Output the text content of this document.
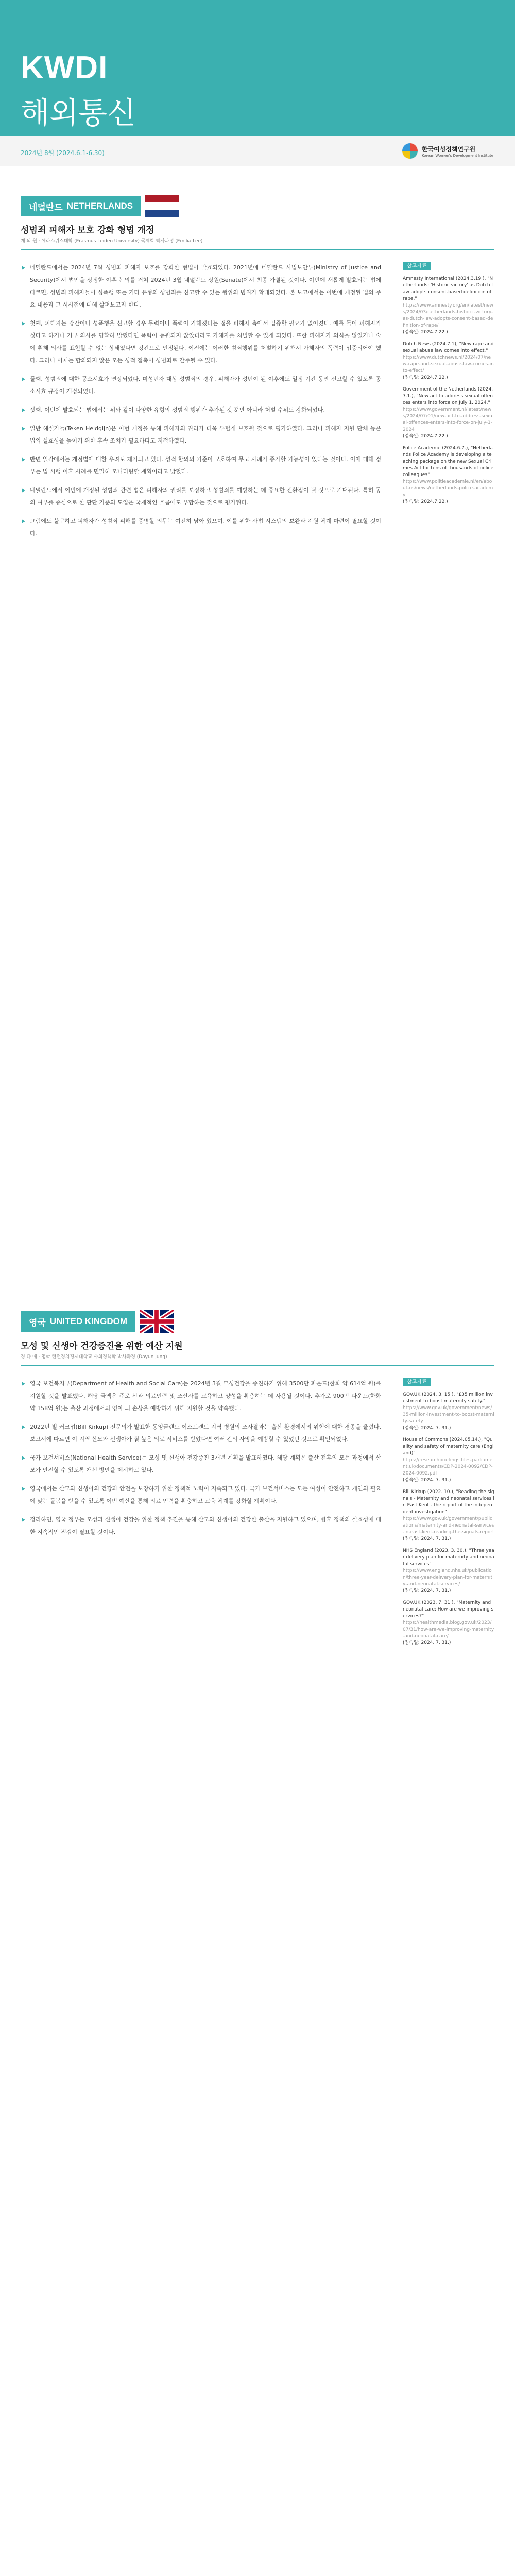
KWDI
해외통신
2024년 8월 (2024.6.1-6.30)
한국여성정책연구원
Korean Women's Development Institute
네덜란드 NETHERLANDS
성범죄 피해자 보호 강화 형법 개정
재 외 원 · 에라스뮈스대학 (Erasmus Leiden University) 국제학 박사과정 (Emilia Lee)

네덜란드에서는 2024년 7월 성범죄 피해자 보호를 강화한 형법이 발효되었다. 2021년에 네덜란드 사법보안부(Ministry of Justice and Security)에서 법안을 상정한 이후 논의를 거쳐 2024년 3월 네덜란드 상원(Senate)에서 최종 가결된 것이다. 이번에 새롭게 발효되는 법에 따르면, 성범죄 피해자들이 성폭행 또는 기타 유형의 성범죄를 신고할 수 있는 행위의 범위가 확대되었다. 본 보고에서는 이번에 개정된 법의 주요 내용과 그 시사점에 대해 살펴보고자 한다.

첫째, 피해자는 강간이나 성폭행을 신고할 경우 무력이나 폭력이 가해졌다는 점을 피해자 측에서 입증할 필요가 없어졌다. 예를 들어 피해자가 싫다고 하거나 거부 의사를 명확히 밝혔다면 폭력이 동원되지 않았더라도 가해자를 처벌할 수 있게 되었다. 또한 피해자가 의식을 잃었거나 술에 취해 의사를 표현할 수 없는 상태였다면 강간으로 인정된다. 이전에는 이러한 범죄행위를 처벌하기 위해서 가해자의 폭력이 입증되어야 했다. 그러나 이제는 합의되지 않은 모든 성적 접촉이 성범죄로 간주될 수 있다.

둘째, 성범죄에 대한 공소시효가 연장되었다. 미성년자 대상 성범죄의 경우, 피해자가 성년이 된 이후에도 일정 기간 동안 신고할 수 있도록 공소시효 규정이 개정되었다.

셋째, 이번에 발효되는 법에서는 위와 같이 다양한 유형의 성범죄 행위가 추가된 것 뿐만 아니라 처벌 수위도 강화되었다.

일반 해설가들(Teken Heldgijn)은 이번 개정을 통해 피해자의 권리가 더욱 두텁게 보호될 것으로 평가하였다. 그러나 피해자 지원 단체 등은 법의 실효성을 높이기 위한 후속 조치가 필요하다고 지적하였다.

반면 일각에서는 개정법에 대한 우려도 제기되고 있다. 성적 합의의 기준이 모호하여 무고 사례가 증가할 가능성이 있다는 것이다. 이에 대해 정부는 법 시행 이후 사례를 면밀히 모니터링할 계획이라고 밝혔다.

네덜란드에서 이번에 개정된 성범죄 관련 법은 피해자의 권리를 보장하고 성범죄를 예방하는 데 중요한 전환점이 될 것으로 기대된다. 특히 동의 여부를 중심으로 한 판단 기준의 도입은 국제적인 흐름에도 부합하는 것으로 평가된다.

그럼에도 불구하고 피해자가 성범죄 피해를 증명할 의무는 여전히 남아 있으며, 이를 위한 사법 시스템의 보완과 지원 체계 마련이 필요할 것이다.

참고자료
Amnesty International (2024.3.19.), "Netherlands: 'Historic victory' as Dutch law adopts consent-based definition of rape."
https://www.amnesty.org/en/latest/news/2024/03/netherlands-historic-victory-as-dutch-law-adopts-consent-based-definition-of-rape/
(접속일: 2024.7.22.)
Dutch News (2024.7.1), "New rape and sexual abuse law comes into effect."
https://www.dutchnews.nl/2024/07/new-rape-and-sexual-abuse-law-comes-into-effect/
(접속일: 2024.7.22.)
Government of the Netherlands (2024.7.1.), "New act to address sexual offences enters into force on July 1, 2024."
https://www.government.nl/latest/news/2024/07/01/new-act-to-address-sexual-offences-enters-into-force-on-july-1-2024
(접속일: 2024.7.22.)
Police Academie (2024.6.7.), "Netherlands Police Academy is developing a teaching package on the new Sexual Crimes Act for tens of thousands of police colleagues"
https://www.politieacademie.nl/en/about-us/news/netherlands-police-academy
(접속일: 2024.7.22.)
영국 UNITED KINGDOM
모성 및 신생아 건강증진을 위한 예산 지원
정 다 예 · 영국 런던정치경제대학교 사회정책학 박사과정 (Dayun Jung)

영국 보건복지부(Department of Health and Social Care)는 2024년 3월 모성건강을 증진하기 위해 3500만 파운드(한화 약 614억 원)를 지원할 것을 발표했다. 해당 금액은 주로 산과 의료인력 및 조산사를 교육하고 양성을 확충하는 데 사용될 것이다. 추가로 900만 파운드(한화 약 158억 원)는 출산 과정에서의 영아 뇌 손상을 예방하기 위해 지원할 것을 약속했다.

2022년 빌 커크업(Bill Kirkup) 전문의가 발표한 동잉글랜드 이스트켄트 지역 병원의 조사결과는 출산 환경에서의 위험에 대한 경종을 울렸다. 보고서에 따르면 이 지역 산모와 신생아가 질 높은 의료 서비스를 받았다면 여러 건의 사망을 예방할 수 있었던 것으로 확인되었다.

국가 보건서비스(National Health Service)는 모성 및 신생아 건강증진 3개년 계획을 발표하였다. 해당 계획은 출산 전후의 모든 과정에서 산모가 안전할 수 있도록 개선 방안을 제시하고 있다.

영국에서는 산모와 신생아의 건강과 안전을 보장하기 위한 정책적 노력이 지속되고 있다. 국가 보건서비스는 모든 여성이 안전하고 개인의 필요에 맞는 돌봄을 받을 수 있도록 이번 예산을 통해 의료 인력을 확충하고 교육 체계를 강화할 계획이다.

정리하면, 영국 정부는 모성과 신생아 건강을 위한 정책 추진을 통해 산모와 신생아의 건강한 출산을 지원하고 있으며, 향후 정책의 실효성에 대한 지속적인 점검이 필요할 것이다.

참고자료
GOV.UK (2024. 3. 15.), "£35 million investment to boost maternity safety."
https://www.gov.uk/government/news/35-million-investment-to-boost-maternity-safety
(접속일: 2024. 7. 31.)
House of Commons (2024.05.14.), "Quality and safety of maternity care (England)"
https://researchbriefings.files.parliament.uk/documents/CDP-2024-0092/CDP-2024-0092.pdf
(접속일: 2024. 7. 31.)
Bill Kirkup (2022. 10.), "Reading the signals - Maternity and neonatal services in East Kent - the report of the independent investigation"
https://www.gov.uk/government/publications/maternity-and-neonatal-services-in-east-kent-reading-the-signals-report
(접속일: 2024. 7. 31.)
NHS England (2023. 3. 30.), "Three year delivery plan for maternity and neonatal services"
https://www.england.nhs.uk/publication/three-year-delivery-plan-for-maternity-and-neonatal-services/
(접속일: 2024. 7. 31.)
GOV.UK (2023. 7. 31.), "Maternity and neonatal care: How are we improving services?"
https://healthmedia.blog.gov.uk/2023/07/31/how-are-we-improving-maternity-and-neonatal-care/
(접속일: 2024. 7. 31.)
